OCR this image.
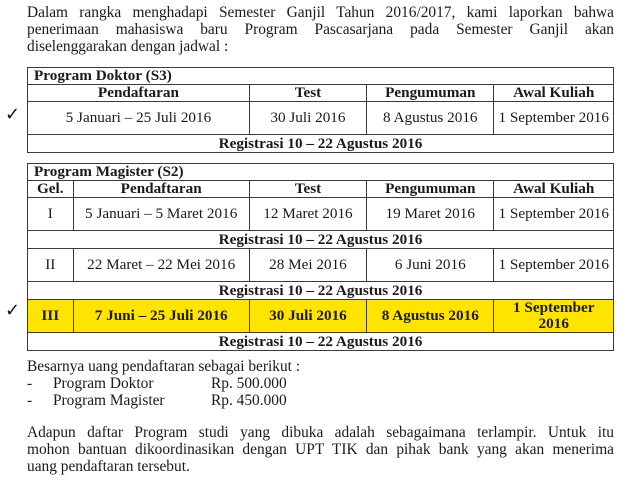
Dalam rangka menghadapi Semester Ganjil Tahun 2016/2017, kami laporkan bahwa
penerimaan mahasiswa baru Program Pascasarjana pada Semester Ganjil akan
diselenggarakan dengan jadwal :
Program Doktor (S3)			
Pendaftaran	Test	Pengumuman	Awal Kuliah
5 Januari – 25 Juli 2016	30 Juli 2016	8 Agustus 2016	1 September 2016
Registrasi 10 – 22 Agustus 2016			
✓
Program Magister (S2)				
Gel.	Pendaftaran	Test	Pengumuman	Awal Kuliah
I	5 Januari – 5 Maret 2016	12 Maret 2016	19 Maret 2016	1 September 2016
Registrasi 10 – 22 Agustus 2016				
II	22 Maret – 22 Mei 2016	28 Mei 2016	6 Juni 2016	1 September 2016
Registrasi 10 – 22 Agustus 2016				
III	7 Juni – 25 Juli 2016	30 Juli 2016	8 Agustus 2016	1 September 2016
Registrasi 10 – 22 Agustus 2016				
✓
Besarnya uang pendaftaran sebagai berikut :
-	Program Doktor	Rp. 500.000
-	Program Magister	Rp. 450.000
Adapun daftar Program studi yang dibuka adalah sebagaimana terlampir. Untuk itu
mohon bantuan dikoordinasikan dengan UPT TIK dan pihak bank yang akan menerima
uang pendaftaran tersebut.
